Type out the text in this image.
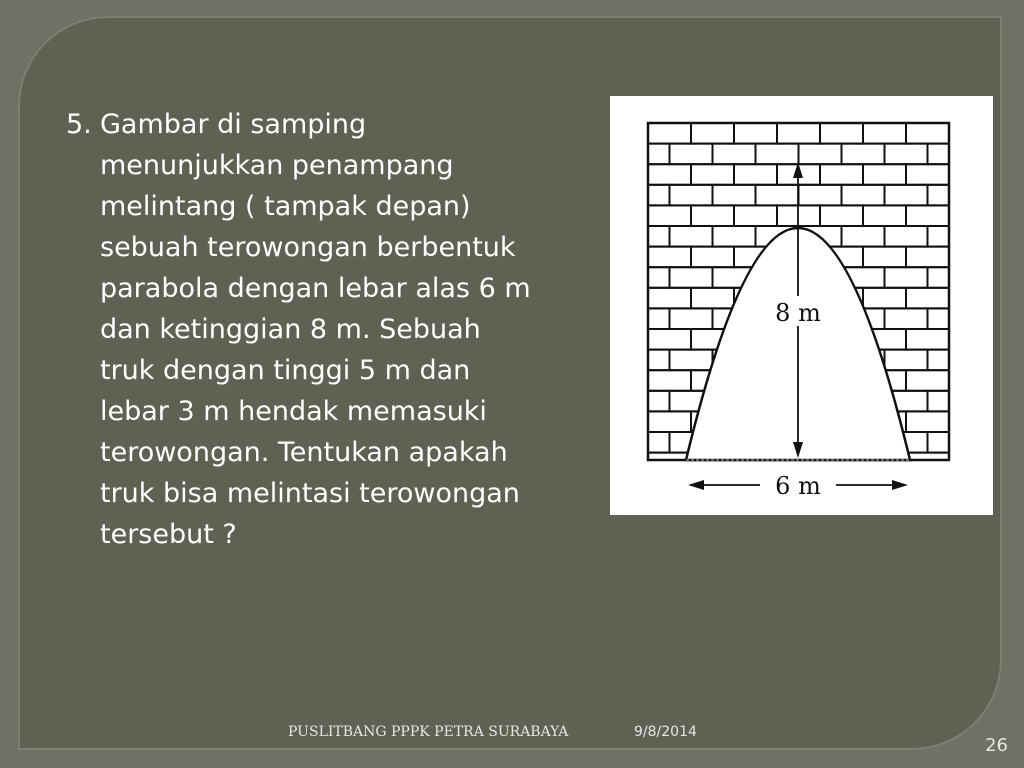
5. Gambar di samping
menunjukkan penampang
melintang ( tampak depan)
sebuah terowongan berbentuk
parabola dengan lebar alas 6 m
dan ketinggian 8 m. Sebuah
truk dengan tinggi 5 m dan
lebar 3 m hendak memasuki
terowongan. Tentukan apakah
truk bisa melintasi terowongan
tersebut ?
8 m
6 m
PUSLITBANG PPPK PETRA SURABAYA	9/8/2014
26
